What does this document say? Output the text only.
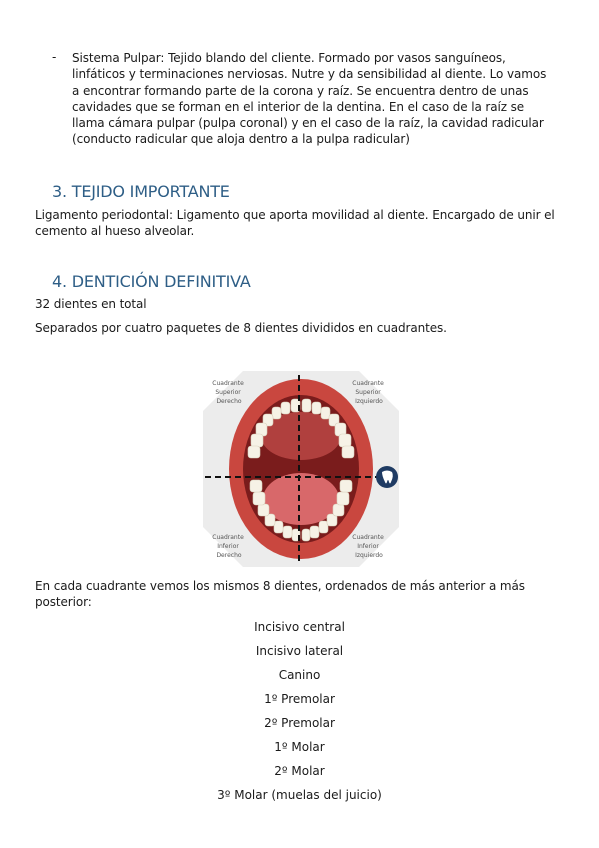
- Sistema Pulpar: Tejido blando del cliente. Formado por vasos sanguíneos, linfáticos y terminaciones nerviosas. Nutre y da sensibilidad al diente. Lo vamos a encontrar formando parte de la corona y raíz. Se encuentra dentro de unas cavidades que se forman en el interior de la dentina. En el caso de la raíz se llama cámara pulpar (pulpa coronal) y en el caso de la raíz, la cavidad radicular (conducto radicular que aloja dentro a la pulpa radicular)
3. TEJIDO IMPORTANTE
Ligamento periodontal: Ligamento que aporta movilidad al diente. Encargado de unir el cemento al hueso alveolar.
4. DENTICIÓN DEFINITIVA
32 dientes en total
Separados por cuatro paquetes de 8 dientes divididos en cuadrantes.
Cuadrante Superior Derecho
Cuadrante Superior Izquierdo
Cuadrante Inferior Derecho
Cuadrante Inferior Izquierdo
En cada cuadrante vemos los mismos 8 dientes, ordenados de más anterior a más posterior:
Incisivo central
Incisivo lateral
Canino
1º Premolar
2º Premolar
1º Molar
2º Molar
3º Molar (muelas del juicio)
